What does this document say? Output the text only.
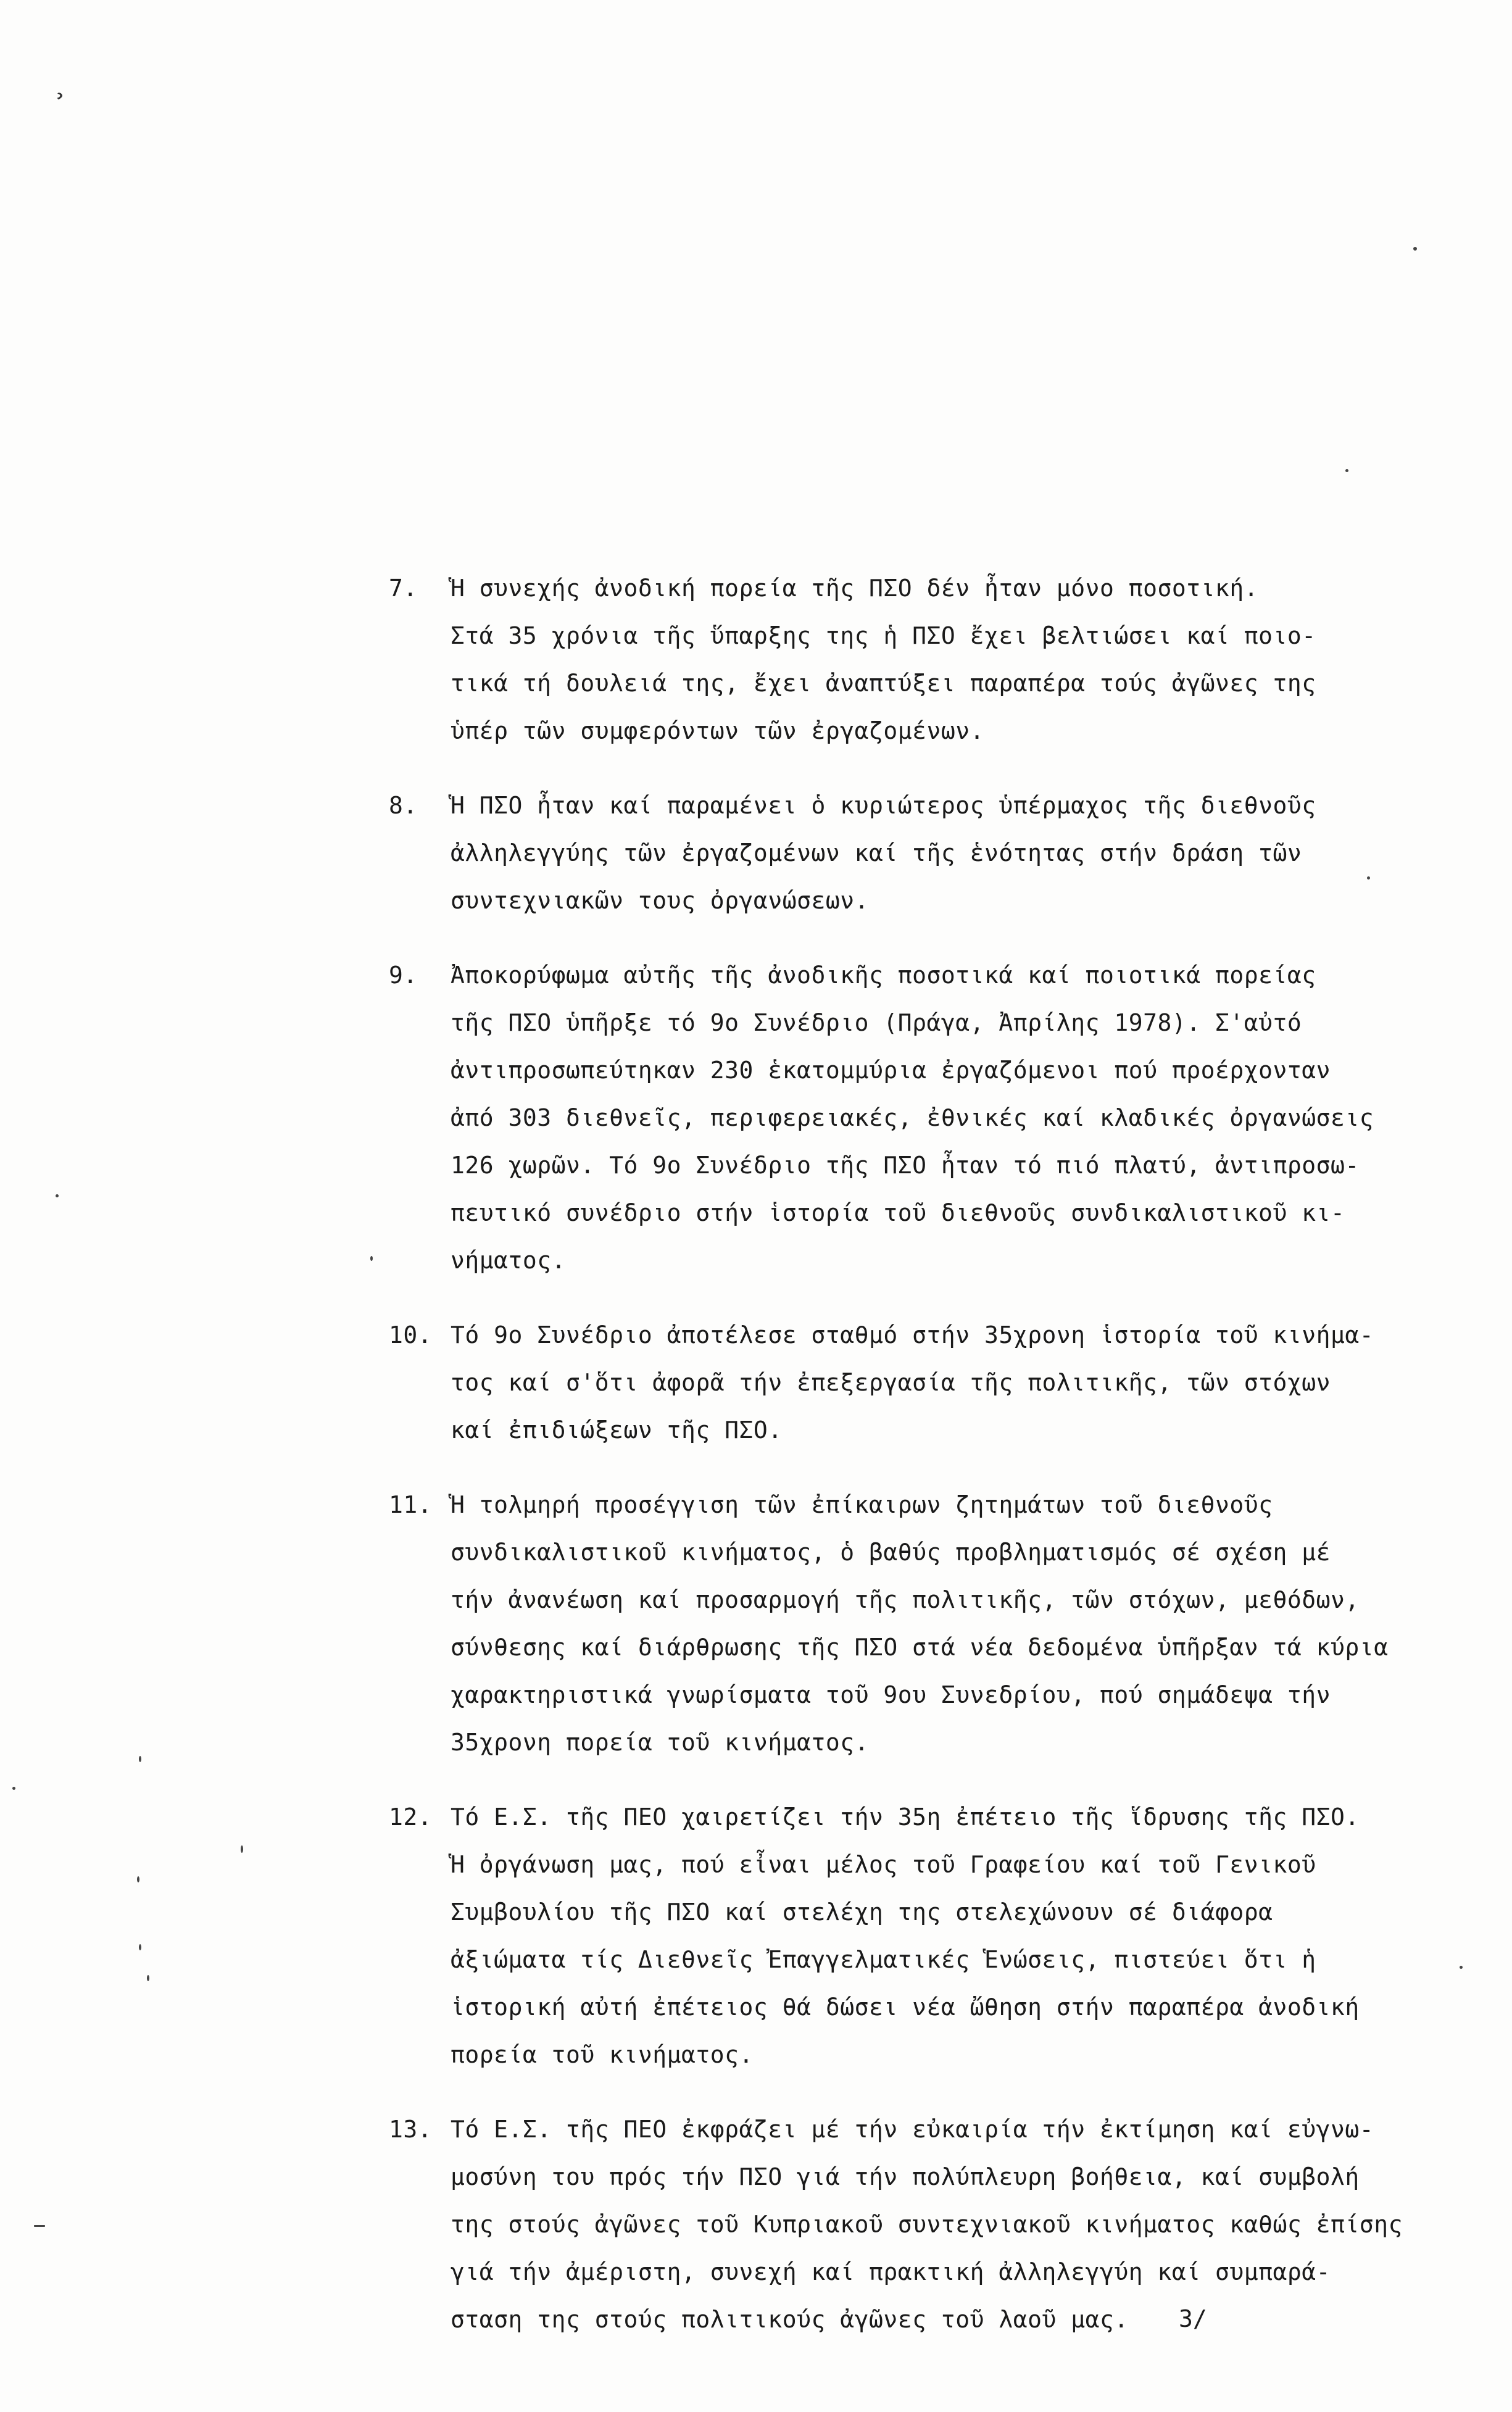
¸
7.	Ἡ συνεχής ἀνοδική πορεία τῆς ΠΣΟ δέν ἦταν μόνο ποσοτική.
Στά 35 χρόνια τῆς ὕπαρξης της ἡ ΠΣΟ ἔχει βελτιώσει καί ποιο-
τικά τή δουλειά της, ἔχει ἀναπτύξει παραπέρα τούς ἀγῶνες της
ὑπέρ τῶν συμφερόντων τῶν ἐργαζομένων.
8.	Ἡ ΠΣΟ ἦταν καί παραμένει ὁ κυριώτερος ὑπέρμαχος τῆς διεθνοῦς
ἀλληλεγγύης τῶν ἐργαζομένων καί τῆς ἑνότητας στήν δράση τῶν
συντεχνιακῶν τους ὀργανώσεων.
9.	Ἀποκορύφωμα αὐτῆς τῆς ἀνοδικῆς ποσοτικά καί ποιοτικά πορείας
τῆς ΠΣΟ ὑπῆρξε τό 9ο Συνέδριο (Πράγα, Ἀπρίλης 1978). Σ'αὐτό
ἀντιπροσωπεύτηκαν 230 ἑκατομμύρια ἐργαζόμενοι πού προέρχονταν
ἀπό 303 διεθνεῖς, περιφερειακές, ἐθνικές καί κλαδικές ὀργανώσεις
126 χωρῶν. Τό 9ο Συνέδριο τῆς ΠΣΟ ἦταν τό πιό πλατύ, ἀντιπροσω-
πευτικό συνέδριο στήν ἱστορία τοῦ διεθνοῦς συνδικαλιστικοῦ κι-
νήματος.
10. Τό 9ο Συνέδριο ἀποτέλεσε σταθμό στήν 35χρονη ἱστορία τοῦ κινήμα-
τος καί σ'ὅτι ἀφορᾶ τήν ἐπεξεργασία τῆς πολιτικῆς, τῶν στόχων
καί ἐπιδιώξεων τῆς ΠΣΟ.
11. Ἡ τολμηρή προσέγγιση τῶν ἐπίκαιρων ζητημάτων τοῦ διεθνοῦς
συνδικαλιστικοῦ κινήματος, ὁ βαθύς προβληματισμός σέ σχέση μέ
τήν ἀνανέωση καί προσαρμογή τῆς πολιτικῆς, τῶν στόχων, μεθόδων,
σύνθεσης καί διάρθρωσης τῆς ΠΣΟ στά νέα δεδομένα ὑπῆρξαν τά κύρια
χαρακτηριστικά γνωρίσματα τοῦ 9ου Συνεδρίου, πού σημάδεψα τήν
35χρονη πορεία τοῦ κινήματος.
12. Τό Ε.Σ. τῆς ΠΕΟ χαιρετίζει τήν 35η ἐπέτειο τῆς ἵδρυσης τῆς ΠΣΟ.
Ἡ ὀργάνωση μας, πού εἶναι μέλος τοῦ Γραφείου καί τοῦ Γενικοῦ
Συμβουλίου τῆς ΠΣΟ καί στελέχη της στελεχώνουν σέ διάφορα
ἀξιώματα τίς Διεθνεῖς Ἐπαγγελματικές Ἑνώσεις, πιστεύει ὅτι ἡ
ἱστορική αὐτή ἐπέτειος θά δώσει νέα ὤθηση στήν παραπέρα ἀνοδική
πορεία τοῦ κινήματος.
13. Τό Ε.Σ. τῆς ΠΕΟ ἐκφράζει μέ τήν εὐκαιρία τήν ἐκτίμηση καί εὐγνω-
μοσύνη του πρός τήν ΠΣΟ γιά τήν πολύπλευρη βοήθεια, καί συμβολή
της στούς ἀγῶνες τοῦ Κυπριακοῦ συντεχνιακοῦ κινήματος καθώς ἐπίσης
γιά τήν ἀμέριστη, συνεχή καί πρακτική ἀλληλεγγύη καί συμπαρά-
σταση της στούς πολιτικούς ἀγῶνες τοῦ λαοῦ μας.	3/
